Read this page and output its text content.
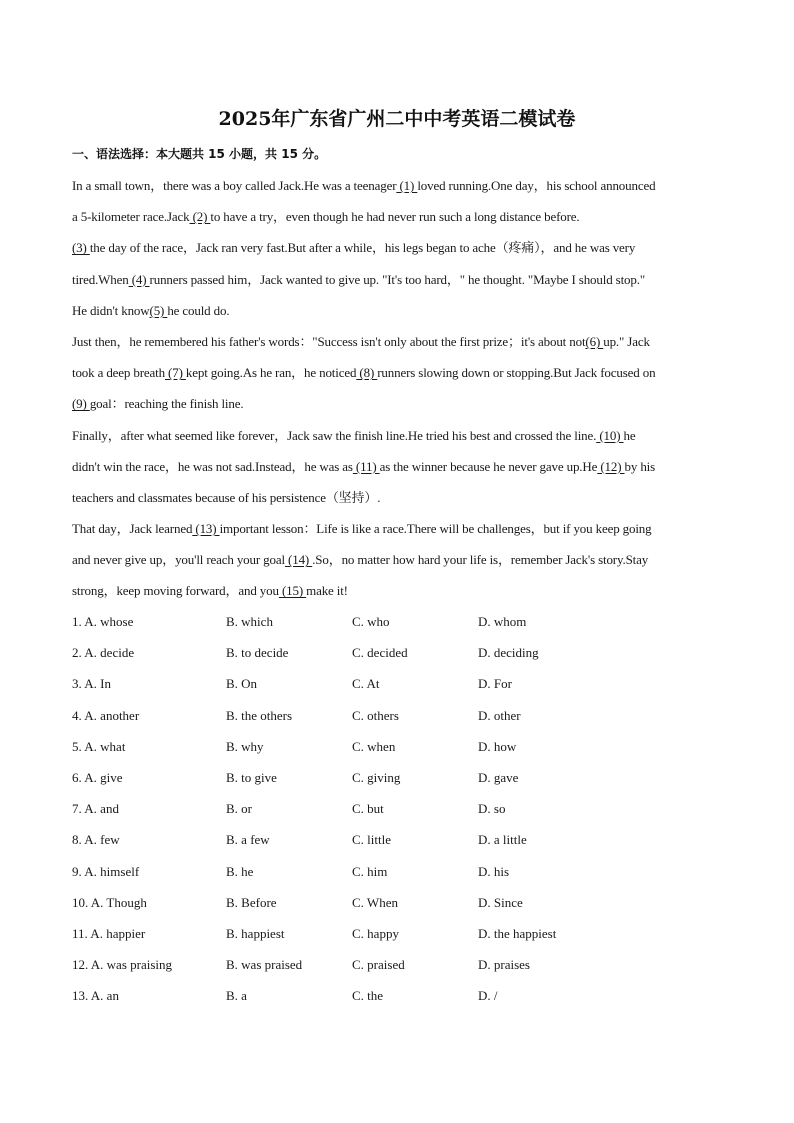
2025年广东省广州二中中考英语二模试卷
一、语法选择：本大题共 15 小题，共 15 分。
In a small town，there was a boy called Jack.He was a teenager (1) loved running.One day，his school announced
a 5-kilometer race.Jack (2) to have a try，even though he had never run such a long distance before.
(3) the day of the race，Jack ran very fast.But after a while，his legs began to ache（疼痛），and he was very
tired.When (4) runners passed him，Jack wanted to give up. "It's too hard，" he thought. "Maybe I should stop."
He didn't know(5) he could do.
Just then，he remembered his father's words："Success isn't only about the first prize；it's about not(6) up." Jack
took a deep breath (7) kept going.As he ran，he noticed (8) runners slowing down or stopping.But Jack focused on
(9) goal：reaching the finish line.
Finally，after what seemed like forever，Jack saw the finish line.He tried his best and crossed the line. (10) he
didn't win the race，he was not sad.Instead，he was as (11) as the winner because he never gave up.He (12) by his
teachers and classmates because of his persistence（坚持）.
That day，Jack learned (13) important lesson：Life is like a race.There will be challenges，but if you keep going
and never give up，you'll reach your goal (14) .So，no matter how hard your life is，remember Jack's story.Stay
strong，keep moving forward，and you (15) make it!
1. A. whose	B. which	C. who	D. whom
2. A. decide	B. to decide	C. decided	D. deciding
3. A. In	B. On	C. At	D. For
4. A. another	B. the others	C. others	D. other
5. A. what	B. why	C. when	D. how
6. A. give	B. to give	C. giving	D. gave
7. A. and	B. or	C. but	D. so
8. A. few	B. a few	C. little	D. a little
9. A. himself	B. he	C. him	D. his
10. A. Though	B. Before	C. When	D. Since
11. A. happier	B. happiest	C. happy	D. the happiest
12. A. was praising	B. was praised	C. praised	D. praises
13. A. an	B. a	C. the	D. /
